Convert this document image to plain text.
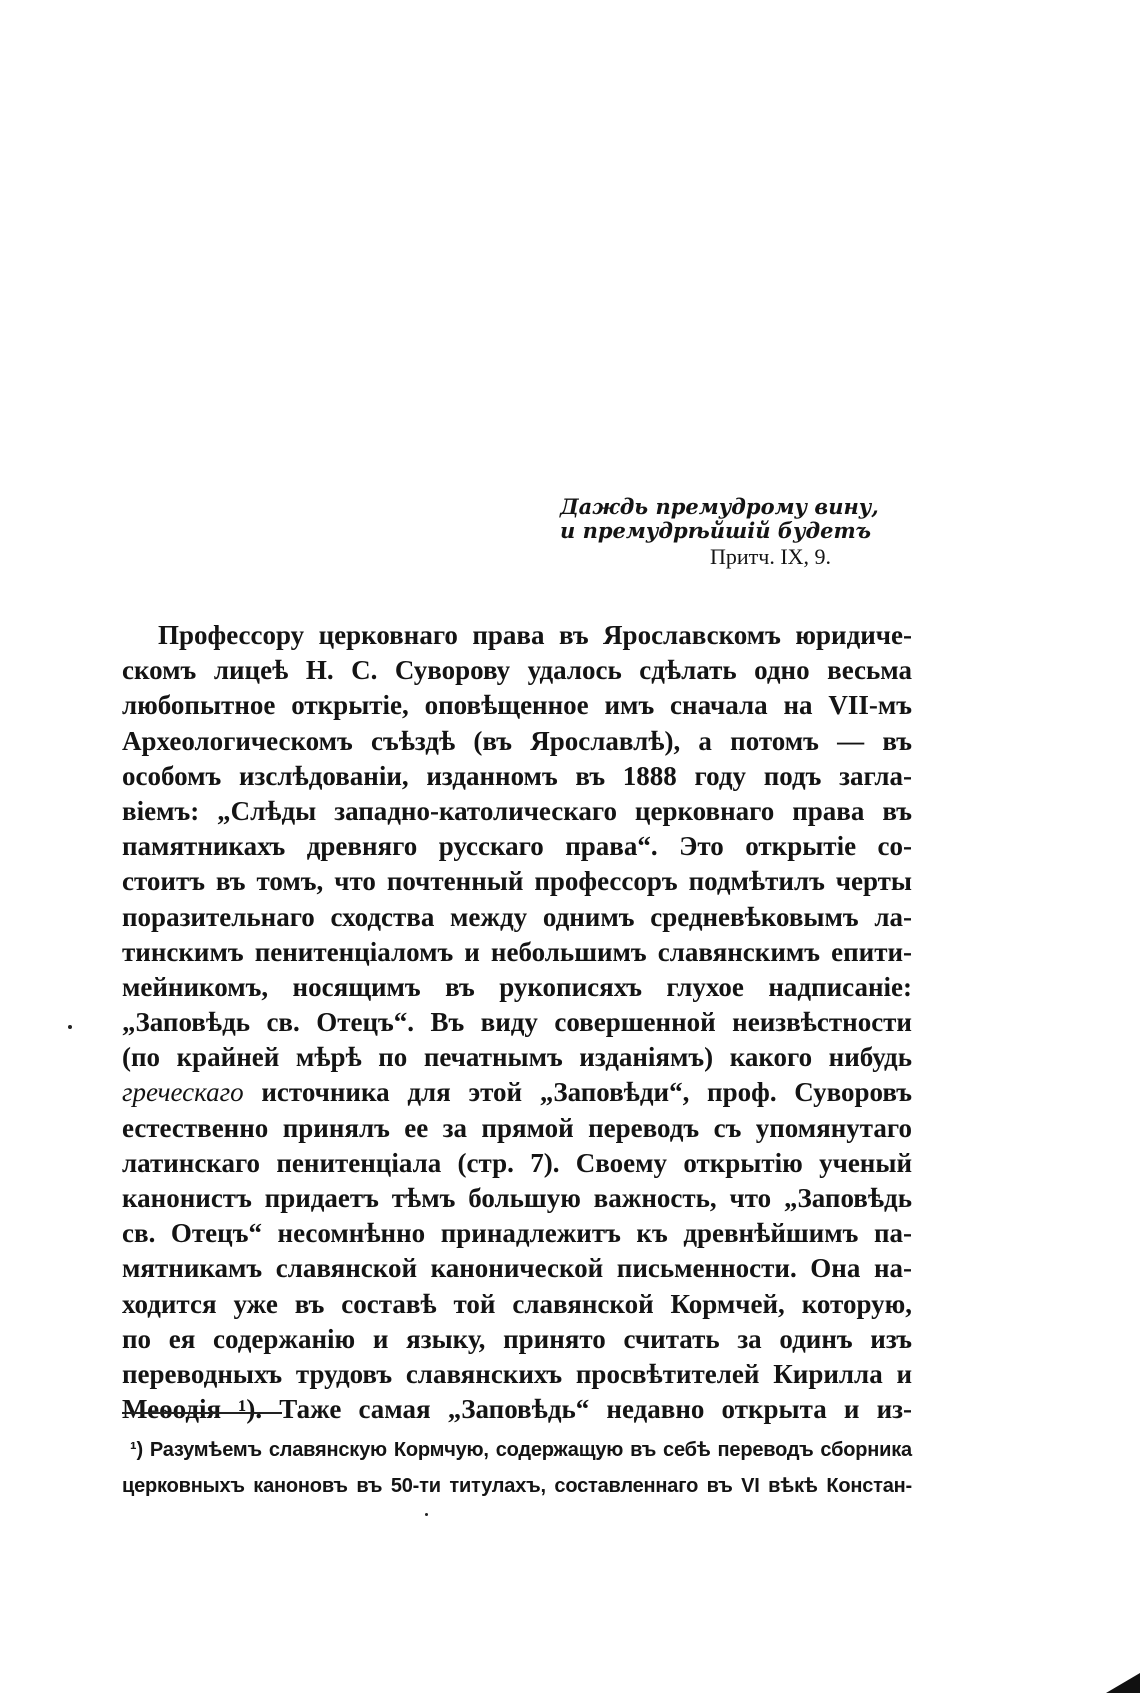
Даждь премудрому вину,
и премудрѣйшій будетъ
Притч. IX, 9.
Профессору церковнаго права въ Ярославскомъ юридиче-
скомъ лицеѣ Н. С. Суворову удалось сдѣлать одно весьма
любопытное открытіе, оповѣщенное имъ сначала на VII-мъ
Археологическомъ съѣздѣ (въ Ярославлѣ), а потомъ — въ
особомъ изслѣдованіи, изданномъ въ 1888 году подъ загла-
віемъ: „Слѣды западно-католическаго церковнаго права въ
памятникахъ древняго русскаго права“. Это открытіе со-
стоитъ въ томъ, что почтенный профессоръ подмѣтилъ черты
поразительнаго сходства между однимъ средневѣковымъ ла-
тинскимъ пенитенціаломъ и небольшимъ славянскимъ епити-
мейникомъ, носящимъ въ рукописяхъ глухое надписаніе:
„Заповѣдь св. Отецъ“. Въ виду совершенной неизвѣстности
(по крайней мѣрѣ по печатнымъ изданіямъ) какого нибудь
греческаго источника для этой „Заповѣди“, проф. Суворовъ
естественно принялъ ее за прямой переводъ съ упомянутаго
латинскаго пенитенціала (стр. 7). Своему открытію ученый
канонистъ придаетъ тѣмъ большую важность, что „Заповѣдь
св. Отецъ“ несомнѣнно принадлежитъ къ древнѣйшимъ па-
мятникамъ славянской канонической письменности. Она на-
ходится уже въ составѣ той славянской Кормчей, которую,
по ея содержанію и языку, принято считать за одинъ изъ
переводныхъ трудовъ славянскихъ просвѣтителей Кирилла и
Меѳодія ¹). Таже самая „Заповѣдь“ недавно открыта и из-
¹) Разумѣемъ славянскую Кормчую, содержащую въ себѣ переводъ сборника
церковныхъ каноновъ въ 50-ти титулахъ, составленнаго въ VI вѣкѣ Констан-
